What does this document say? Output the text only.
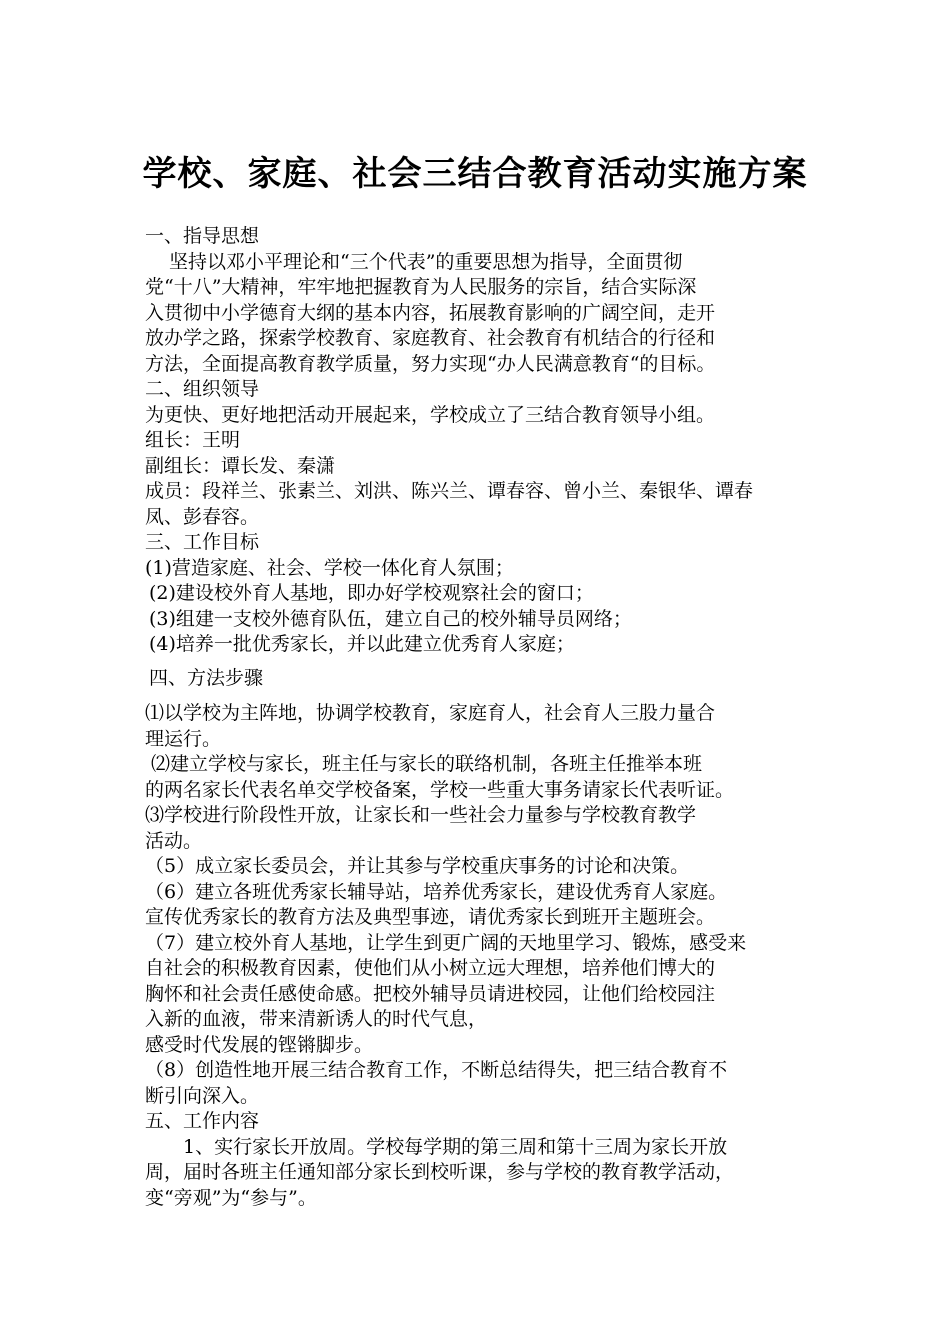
学校、家庭、社会三结合教育活动实施方案

一、指导思想

坚持以邓小平理论和“三个代表”的重要思想为指导，全面贯彻

党“十八”大精神，牢牢地把握教育为人民服务的宗旨，结合实际深

入贯彻中小学德育大纲的基本内容，拓展教育影响的广阔空间，走开

放办学之路，探索学校教育、家庭教育、社会教育有机结合的行径和

方法，全面提高教育教学质量，努力实现“办人民满意教育“的目标。

二、组织领导

为更快、更好地把活动开展起来，学校成立了三结合教育领导小组。

组长：王明

副组长：谭长发、秦潇

成员：段祥兰、张素兰、刘洪、陈兴兰、谭春容、曾小兰、秦银华、谭春

凤、彭春容。

三、工作目标

(1)营造家庭、社会、学校一体化育人氛围；

(2)建设校外育人基地，即办好学校观察社会的窗口；

(3)组建一支校外德育队伍，建立自己的校外辅导员网络；

(4)培养一批优秀家长，并以此建立优秀育人家庭；

四、方法步骤

⑴以学校为主阵地，协调学校教育，家庭育人，社会育人三股力量合

理运行。

⑵建立学校与家长，班主任与家长的联络机制，各班主任推举本班

的两名家长代表名单交学校备案，学校一些重大事务请家长代表听证。

⑶学校进行阶段性开放，让家长和一些社会力量参与学校教育教学

活动。

（5）成立家长委员会，并让其参与学校重庆事务的讨论和决策。

（6）建立各班优秀家长辅导站，培养优秀家长，建设优秀育人家庭。

宣传优秀家长的教育方法及典型事迹，请优秀家长到班开主题班会。

（7）建立校外育人基地，让学生到更广阔的天地里学习、锻炼，感受来

自社会的积极教育因素，使他们从小树立远大理想，培养他们博大的

胸怀和社会责任感使命感。把校外辅导员请进校园，让他们给校园注

入新的血液，带来清新诱人的时代气息，

感受时代发展的铿锵脚步。

（8）创造性地开展三结合教育工作，不断总结得失，把三结合教育不

断引向深入。

五、工作内容

1、实行家长开放周。学校每学期的第三周和第十三周为家长开放

周，届时各班主任通知部分家长到校听课，参与学校的教育教学活动，

变“旁观”为“参与”。
